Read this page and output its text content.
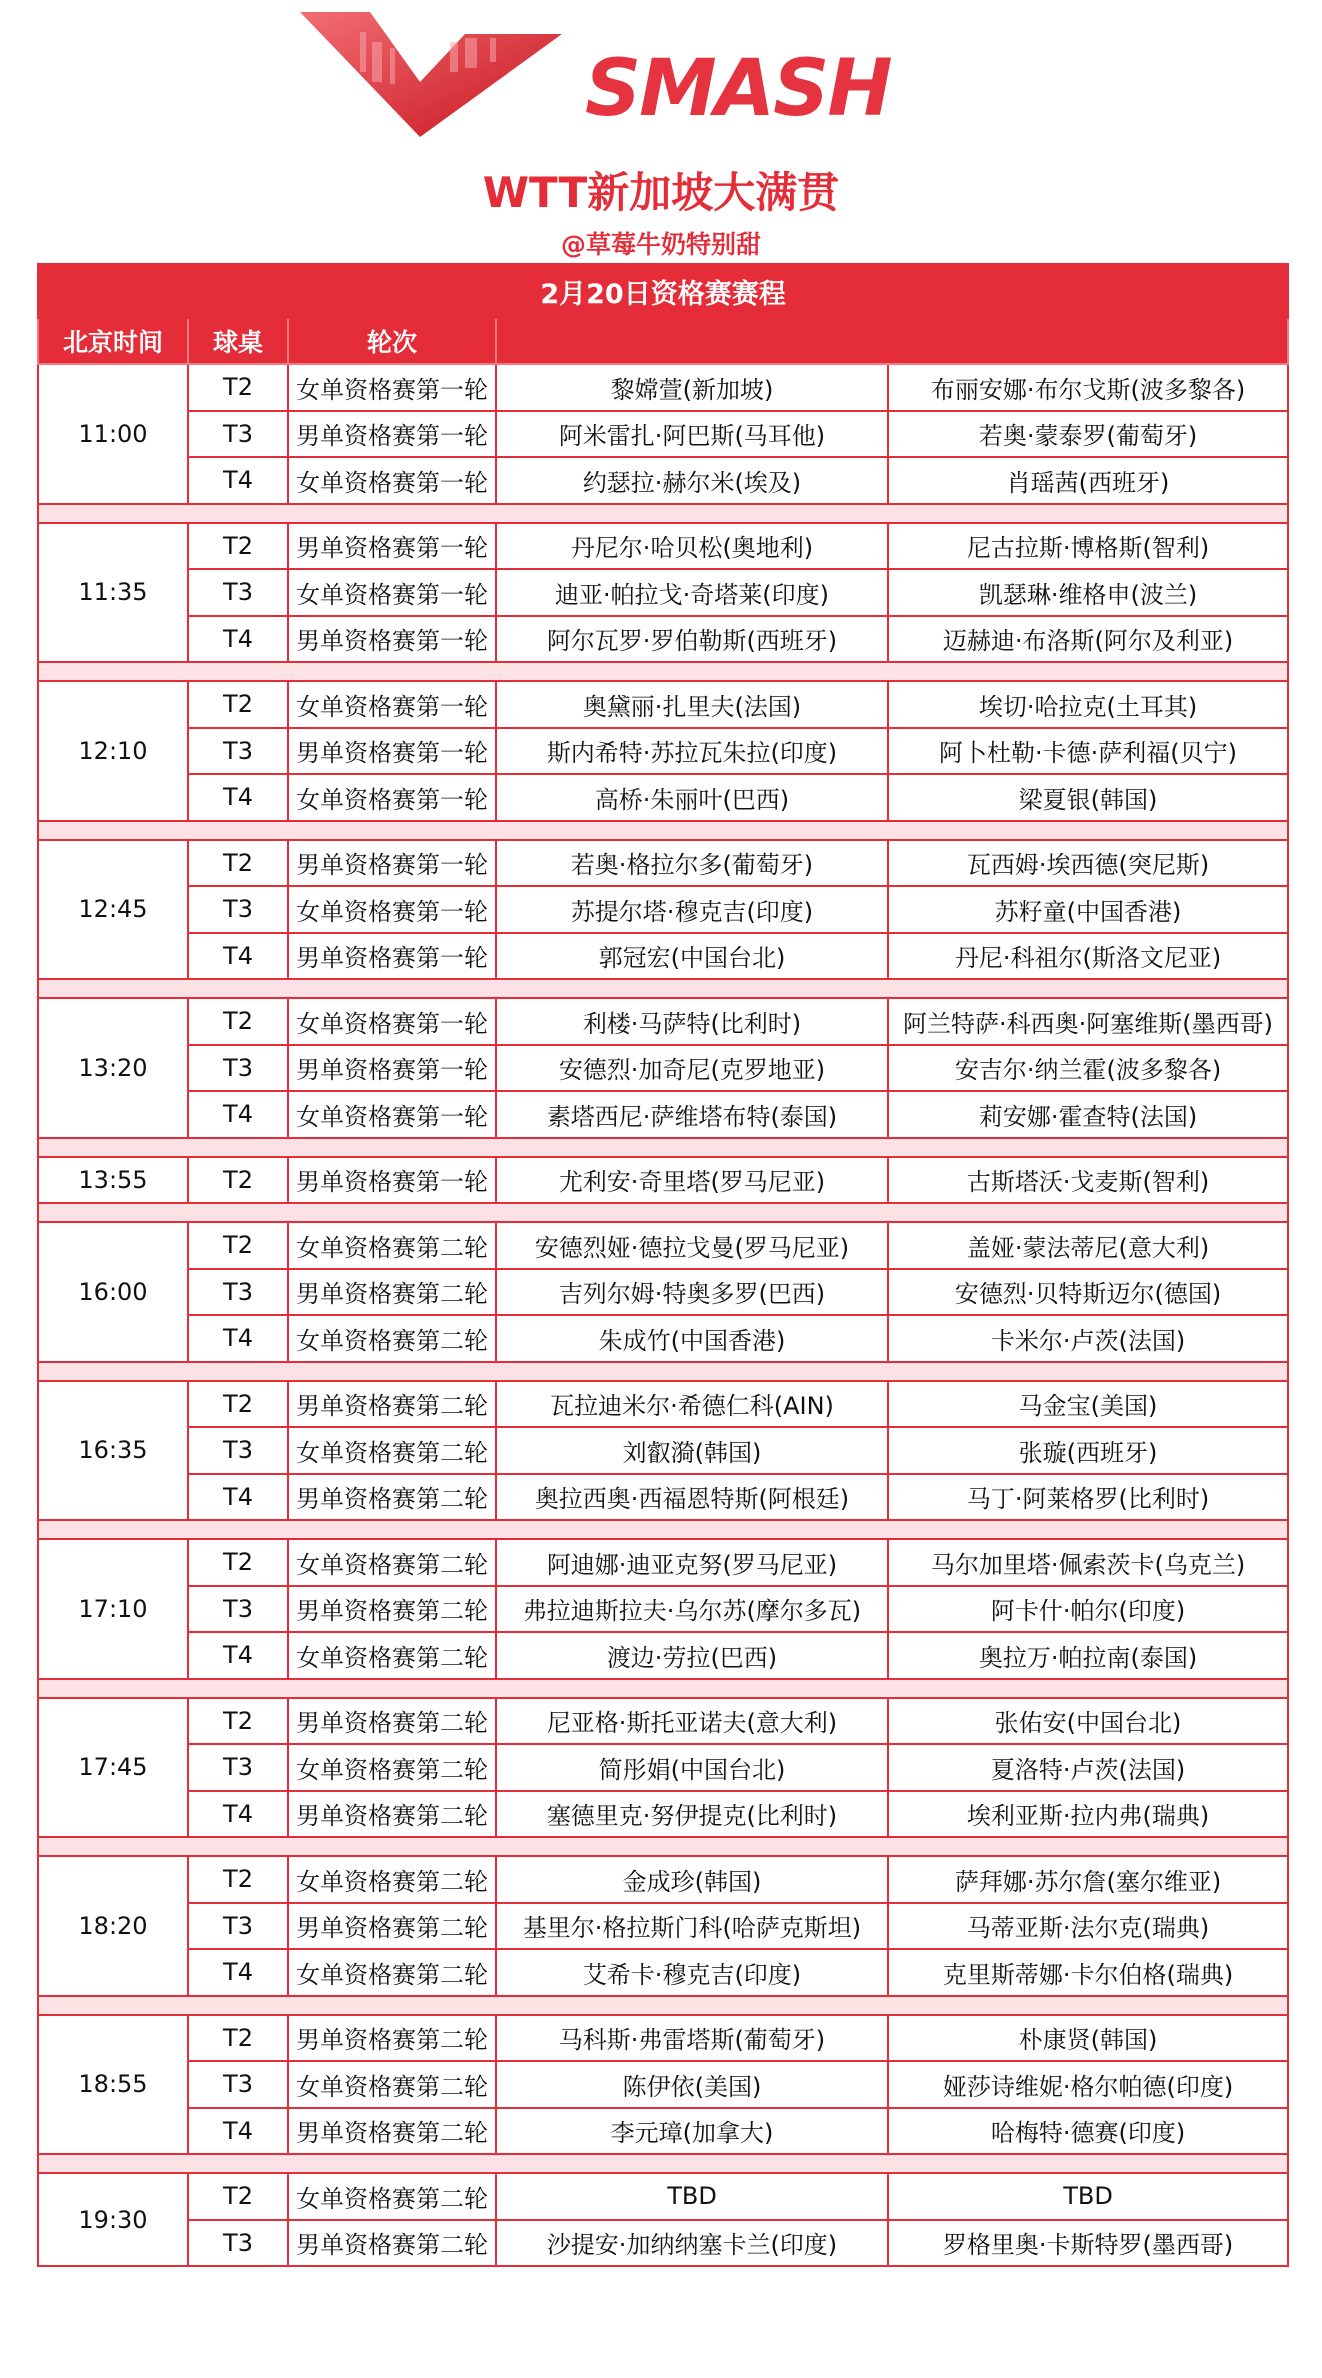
SMASH
WTT新加坡大满贯
@草莓牛奶特别甜
2月20日资格赛赛程				
北京时间	球桌	轮次		
11:00	T2	女单资格赛第一轮	黎嫦萱(新加坡)	布丽安娜·布尔戈斯(波多黎各)
	T3	男单资格赛第一轮	阿米雷扎·阿巴斯(马耳他)	若奥·蒙泰罗(葡萄牙)
	T4	女单资格赛第一轮	约瑟拉·赫尔米(埃及)	肖瑶茜(西班牙)

11:35	T2	男单资格赛第一轮	丹尼尔·哈贝松(奥地利)	尼古拉斯·博格斯(智利)
	T3	女单资格赛第一轮	迪亚·帕拉戈·奇塔莱(印度)	凯瑟琳·维格申(波兰)
	T4	男单资格赛第一轮	阿尔瓦罗·罗伯勒斯(西班牙)	迈赫迪·布洛斯(阿尔及利亚)

12:10	T2	女单资格赛第一轮	奥黛丽·扎里夫(法国)	埃切·哈拉克(土耳其)
	T3	男单资格赛第一轮	斯内希特·苏拉瓦朱拉(印度)	阿卜杜勒·卡德·萨利福(贝宁)
	T4	女单资格赛第一轮	高桥·朱丽叶(巴西)	梁夏银(韩国)

12:45	T2	男单资格赛第一轮	若奥·格拉尔多(葡萄牙)	瓦西姆·埃西德(突尼斯)
	T3	女单资格赛第一轮	苏提尔塔·穆克吉(印度)	苏籽童(中国香港)
	T4	男单资格赛第一轮	郭冠宏(中国台北)	丹尼·科祖尔(斯洛文尼亚)

13:20	T2	女单资格赛第一轮	利楼·马萨特(比利时)	阿兰特萨·科西奥·阿塞维斯(墨西哥)
	T3	男单资格赛第一轮	安德烈·加奇尼(克罗地亚)	安吉尔·纳兰霍(波多黎各)
	T4	女单资格赛第一轮	素塔西尼·萨维塔布特(泰国)	莉安娜·霍查特(法国)

13:55	T2	男单资格赛第一轮	尤利安·奇里塔(罗马尼亚)	古斯塔沃·戈麦斯(智利)

16:00	T2	女单资格赛第二轮	安德烈娅·德拉戈曼(罗马尼亚)	盖娅·蒙法蒂尼(意大利)
	T3	男单资格赛第二轮	吉列尔姆·特奥多罗(巴西)	安德烈·贝特斯迈尔(德国)
	T4	女单资格赛第二轮	朱成竹(中国香港)	卡米尔·卢茨(法国)

16:35	T2	男单资格赛第二轮	瓦拉迪米尔·希德仁科(AIN)	马金宝(美国)
	T3	女单资格赛第二轮	刘叡漪(韩国)	张璇(西班牙)
	T4	男单资格赛第二轮	奥拉西奥·西福恩特斯(阿根廷)	马丁·阿莱格罗(比利时)

17:10	T2	女单资格赛第二轮	阿迪娜·迪亚克努(罗马尼亚)	马尔加里塔·佩索茨卡(乌克兰)
	T3	男单资格赛第二轮	弗拉迪斯拉夫·乌尔苏(摩尔多瓦)	阿卡什·帕尔(印度)
	T4	女单资格赛第二轮	渡边·劳拉(巴西)	奥拉万·帕拉南(泰国)

17:45	T2	男单资格赛第二轮	尼亚格·斯托亚诺夫(意大利)	张佑安(中国台北)
	T3	女单资格赛第二轮	简彤娟(中国台北)	夏洛特·卢茨(法国)
	T4	男单资格赛第二轮	塞德里克·努伊提克(比利时)	埃利亚斯·拉内弗(瑞典)

18:20	T2	女单资格赛第二轮	金成珍(韩国)	萨拜娜·苏尔詹(塞尔维亚)
	T3	男单资格赛第二轮	基里尔·格拉斯门科(哈萨克斯坦)	马蒂亚斯·法尔克(瑞典)
	T4	女单资格赛第二轮	艾希卡·穆克吉(印度)	克里斯蒂娜·卡尔伯格(瑞典)

18:55	T2	男单资格赛第二轮	马科斯·弗雷塔斯(葡萄牙)	朴康贤(韩国)
	T3	女单资格赛第二轮	陈伊依(美国)	娅莎诗维妮·格尔帕德(印度)
	T4	男单资格赛第二轮	李元璋(加拿大)	哈梅特·德赛(印度)

19:30	T2	女单资格赛第二轮	TBD	TBD
	T3	男单资格赛第二轮	沙提安·加纳纳塞卡兰(印度)	罗格里奥·卡斯特罗(墨西哥)
